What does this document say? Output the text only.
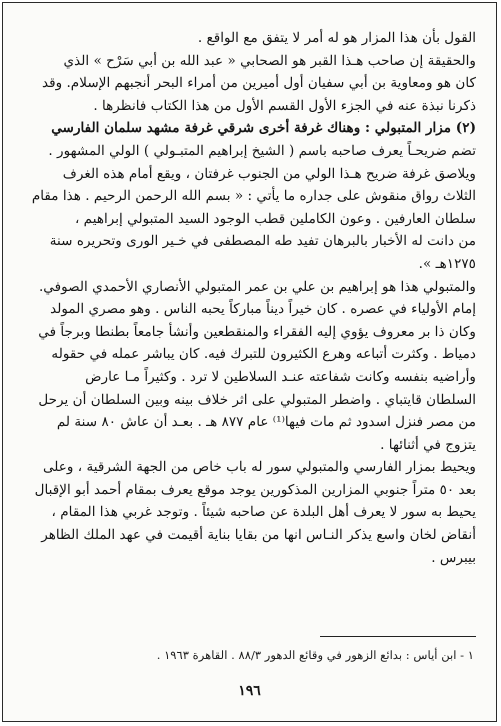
القول بأن هذا المزار هو له أمر لا يتفق مع الواقع .

والحقيقة إن صاحب هـذا القبر هو الصحابي « عبد الله بن أبي سَرْح » الذي

كان هو ومعاوية بن أبي سفيان أول أميرين من أمراء البحر أنجبهم الإسلام. وقد

ذكرنا نبذة عنه في الجزء الأول القسم الأول من هذا الكتاب فانظرها .

(٢) مزار المتبولي : وهناك غرفة أخرى شرقي غرفة مشهد سلمان الفارسي

تضم ضريحـاً يعرف صاحبه باسم ( الشيخ إبراهيم المتبـولي ) الولي المشهور .

ويلاصق غرفة ضريح هـذا الولي من الجنوب غرفتان ، ويقع أمام هذه الغرف

الثلاث رواق منقوش على جداره ما يأتي : « بسم الله الرحمن الرحيم . هذا مقام

سلطان العارفين . وعون الكاملين قطب الوجود السيد المتبولي إبراهيم ،

من دانت له الأخبار بالبرهان تفيد طه المصطفى في خـير الورى وتحريره سنة

١٢٧٥هـ ».

والمتبولي هذا هو إبراهيم بن علي بن عمر المتبولي الأنصاري الأحمدي الصوفي.

إمام الأولياء في عصره . كان خيراً ديناً مباركاً يحبه الناس . وهو مصري المولد

وكان ذا بر معروف يؤوي إليه الفقراء والمنقطعين وأنشأ جامعاً بطنطا وبرجاً في

دمياط . وكثرت أتباعه وهرع الكثيرون للتبرك فيه. كان يباشر عمله في حقوله

وأراضيه بنفسه وكانت شفاعته عنـد السلاطين لا ترد . وكثيراً مـا عارض

السلطان قايتباي . واضطر المتبولي على اثر خلاف بينه وبين السلطان أن يرحل

من مصر فنزل اسدود ثم مات فيها⁽¹⁾ عام ٨٧٧ هـ . بعـد أن عاش ٨٠ سنة لم

يتزوج في أثنائها .

ويحيط بمزار الفارسي والمتبولي سور له باب خاص من الجهة الشرقية ، وعلى

بعد ٥٠ متراً جنوبي المزارين المذكورين يوجد موقع يعرف بمقام أحمد أبو الإقبال

يحيط به سور لا يعرف أهل البلدة عن صاحبه شيئاً . وتوجد غربي هذا المقام ،

أنقاض لخان واسع يذكر النـاس انها من بقايا بناية أقيمت في عهد الملك الظاهر

بيبرس .

١ - ابن أياس : بدائع الزهور في وقائع الدهور ٨٨/٣ . القاهرة ١٩٦٣ .
١٩٦
